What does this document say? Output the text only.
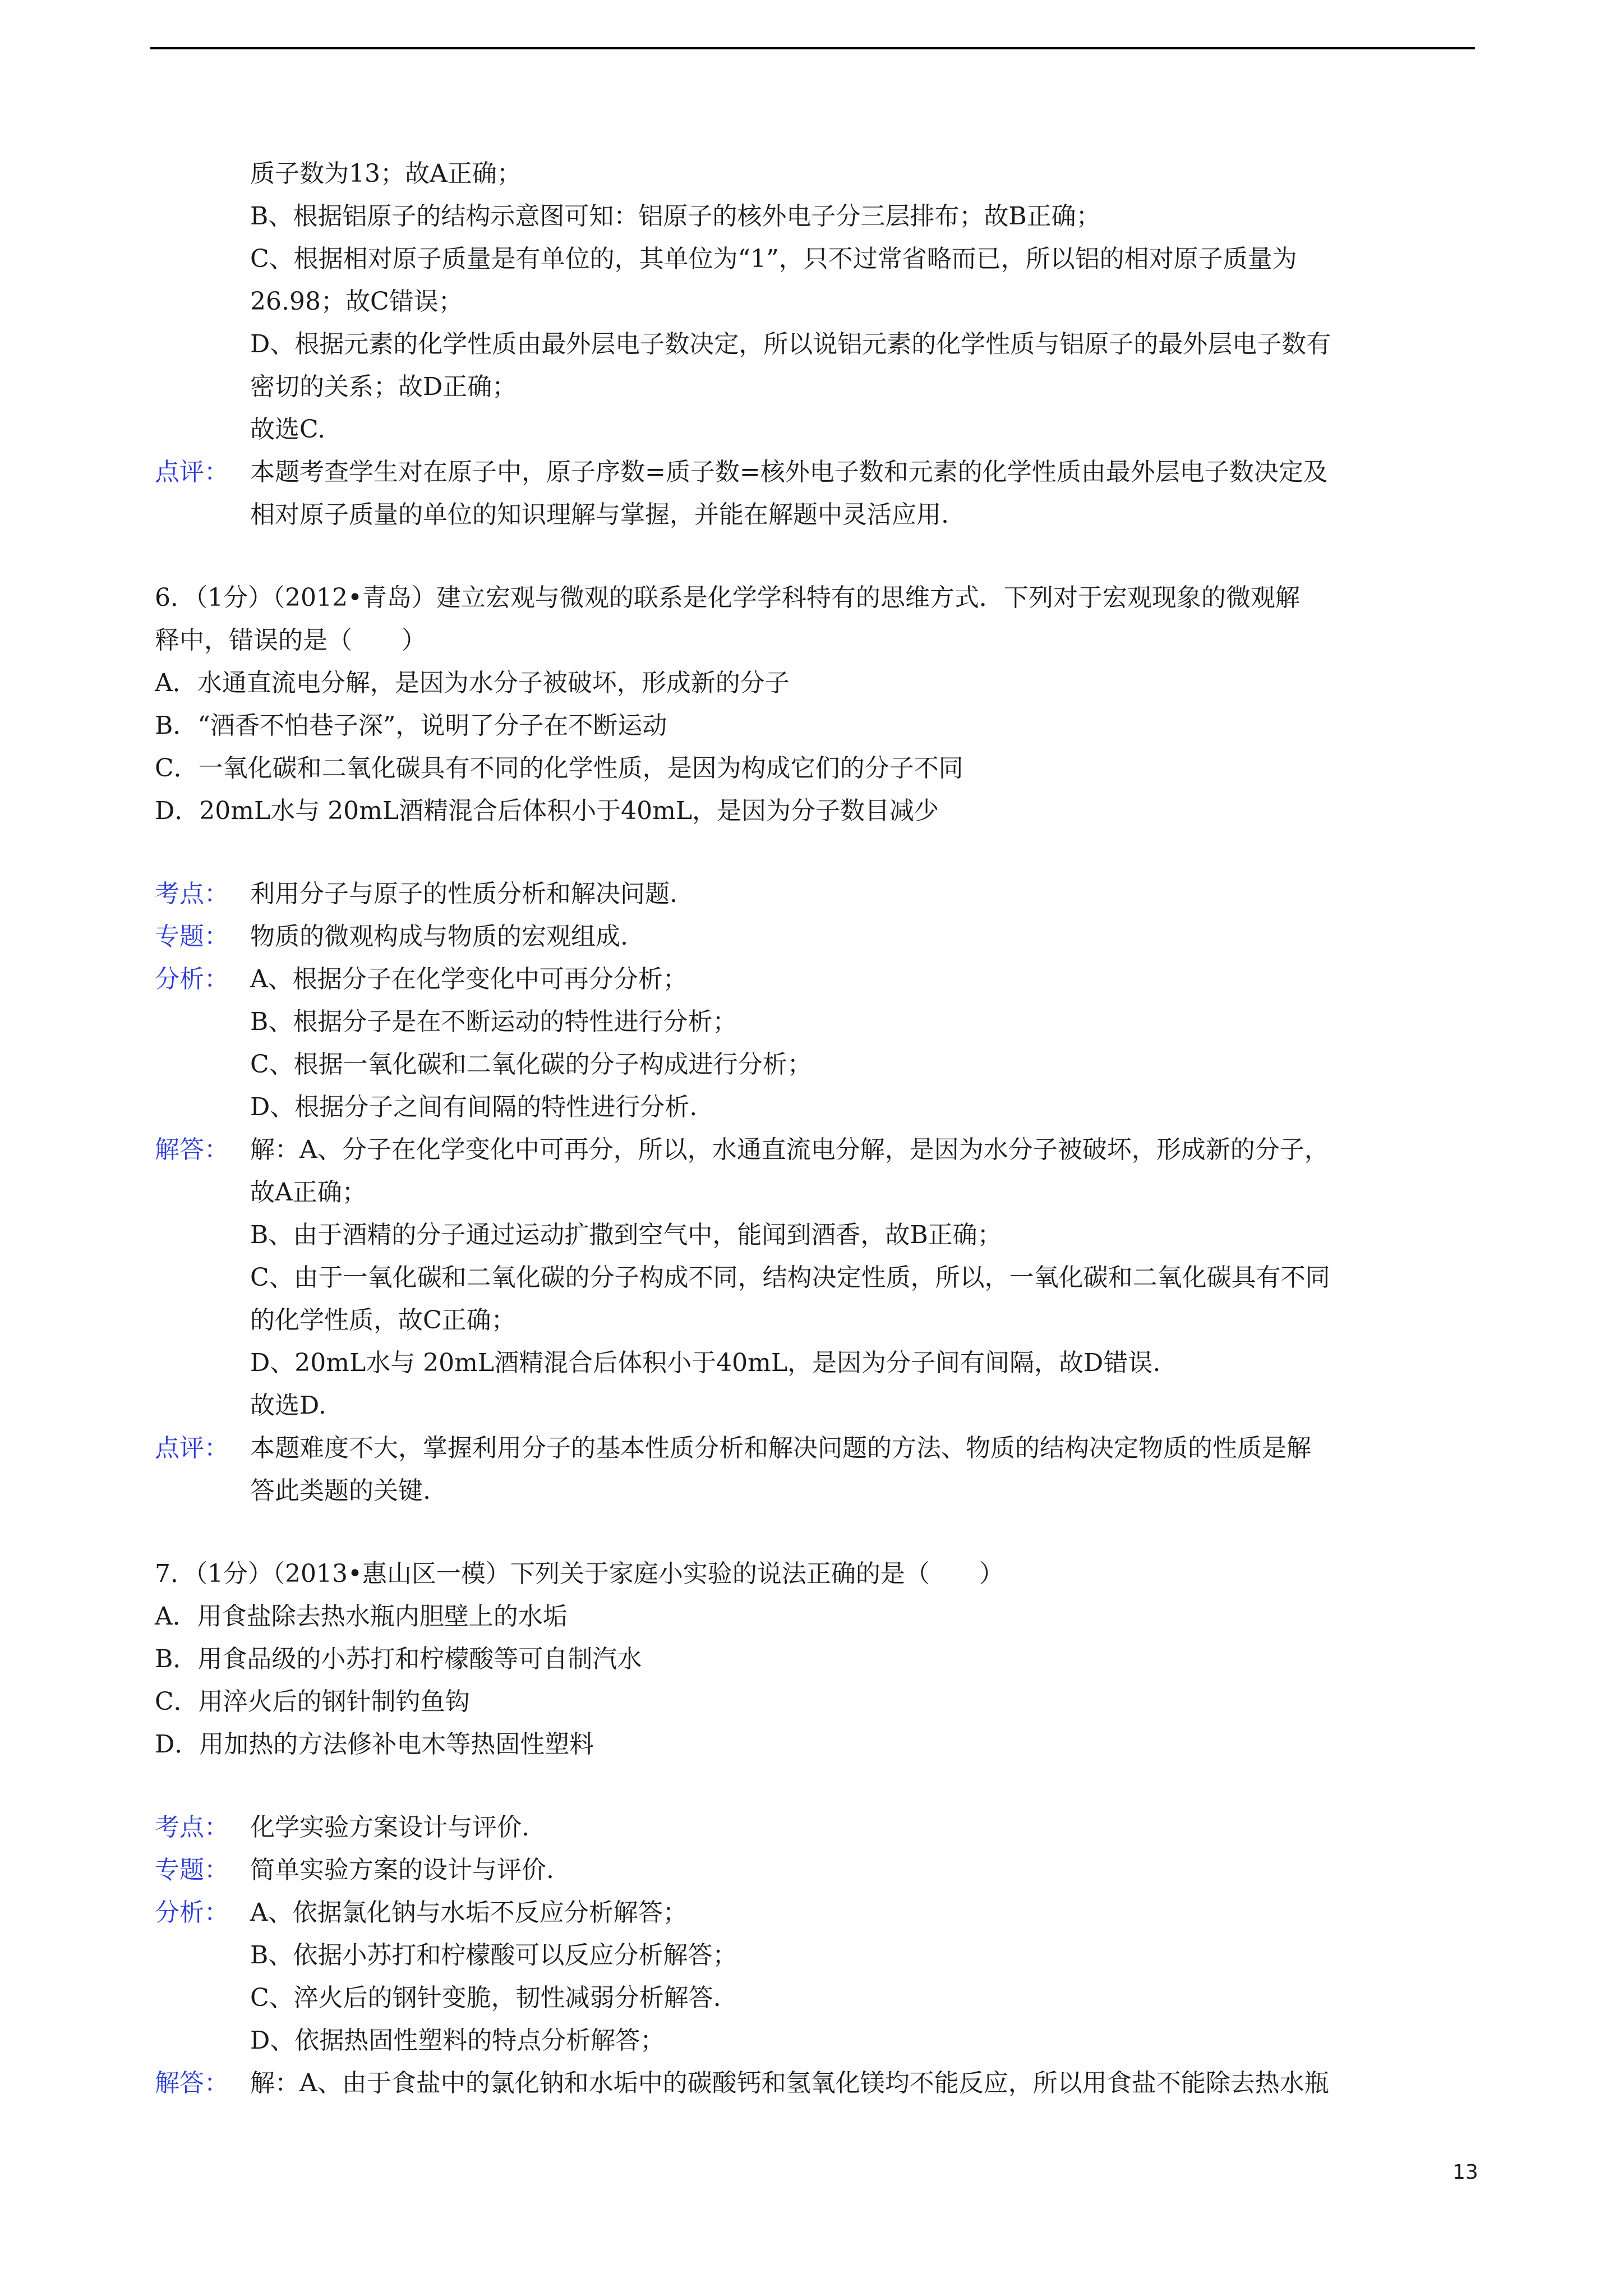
质子数为13；故A正确；
B、根据铝原子的结构示意图可知：铝原子的核外电子分三层排布；故B正确；
C、根据相对原子质量是有单位的，其单位为“1”，只不过常省略而已，所以铝的相对原子质量为
26.98；故C错误；
D、根据元素的化学性质由最外层电子数决定，所以说铝元素的化学性质与铝原子的最外层电子数有
密切的关系；故D正确；
故选C.
点评： 本题考查学生对在原子中，原子序数=质子数=核外电子数和元素的化学性质由最外层电子数决定及
相对原子质量的单位的知识理解与掌握，并能在解题中灵活应用.
6．（1分）（2012•青岛）建立宏观与微观的联系是化学学科特有的思维方式．下列对于宏观现象的微观解
释中，错误的是（　　）
A．水通直流电分解，是因为水分子被破坏，形成新的分子
B．“酒香不怕巷子深”，说明了分子在不断运动
C．一氧化碳和二氧化碳具有不同的化学性质，是因为构成它们的分子不同
D．20mL水与 20mL酒精混合后体积小于40mL，是因为分子数目减少
考点： 利用分子与原子的性质分析和解决问题.
专题： 物质的微观构成与物质的宏观组成.
分析： A、根据分子在化学变化中可再分分析；
B、根据分子是在不断运动的特性进行分析；
C、根据一氧化碳和二氧化碳的分子构成进行分析；
D、根据分子之间有间隔的特性进行分析.
解答： 解：A、分子在化学变化中可再分，所以，水通直流电分解，是因为水分子被破坏，形成新的分子，
故A正确；
B、由于酒精的分子通过运动扩撒到空气中，能闻到酒香，故B正确；
C、由于一氧化碳和二氧化碳的分子构成不同，结构决定性质，所以，一氧化碳和二氧化碳具有不同
的化学性质，故C正确；
D、20mL水与 20mL酒精混合后体积小于40mL，是因为分子间有间隔，故D错误.
故选D.
点评： 本题难度不大，掌握利用分子的基本性质分析和解决问题的方法、物质的结构决定物质的性质是解
答此类题的关键.
7．（1分）（2013•惠山区一模）下列关于家庭小实验的说法正确的是（　　）
A．用食盐除去热水瓶内胆壁上的水垢
B．用食品级的小苏打和柠檬酸等可自制汽水
C．用淬火后的钢针制钓鱼钩
D．用加热的方法修补电木等热固性塑料
考点： 化学实验方案设计与评价.
专题： 简单实验方案的设计与评价.
分析： A、依据氯化钠与水垢不反应分析解答；
B、依据小苏打和柠檬酸可以反应分析解答；
C、淬火后的钢针变脆，韧性减弱分析解答.
D、依据热固性塑料的特点分析解答；
解答： 解：A、由于食盐中的氯化钠和水垢中的碳酸钙和氢氧化镁均不能反应，所以用食盐不能除去热水瓶
13
